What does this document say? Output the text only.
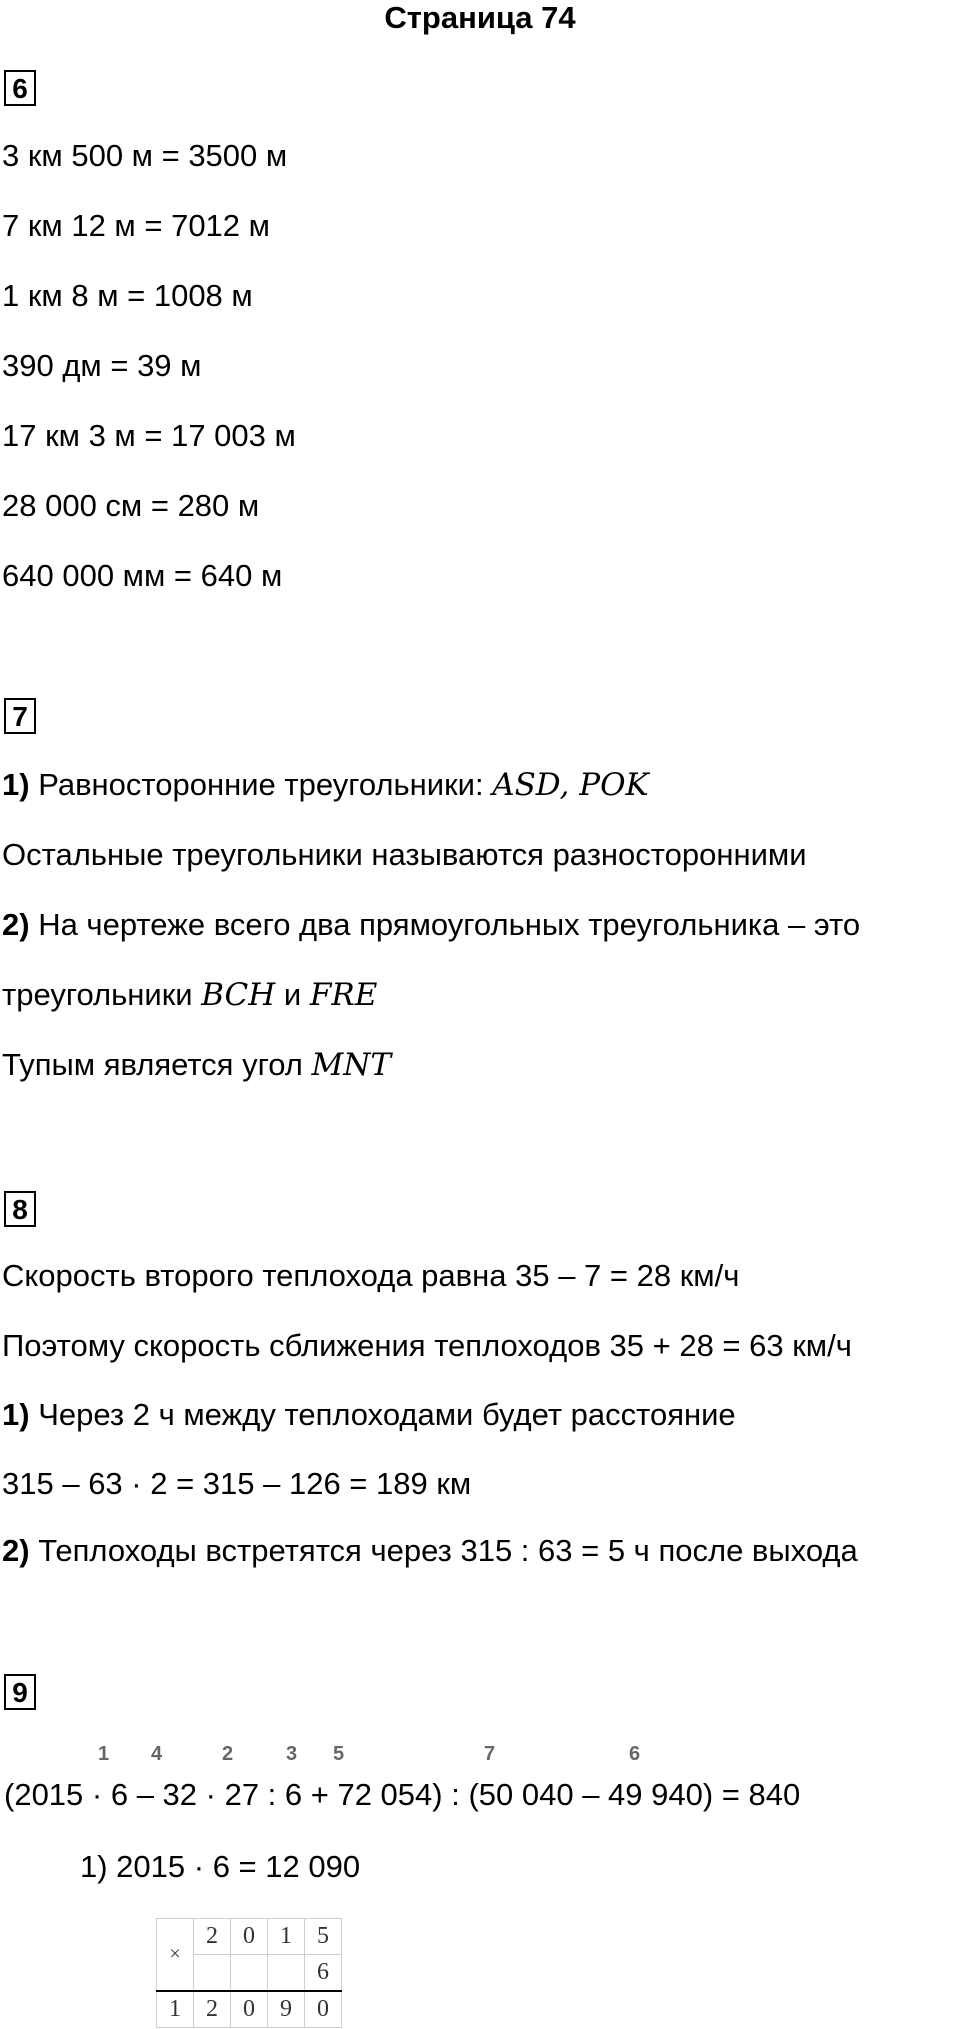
Страница 74
6
3 км 500 м = 3500 м
7 км 12 м = 7012 м
1 км 8 м = 1008 м
390 дм = 39 м
17 км 3 м = 17 003 м
28 000 см = 280 м
640 000 мм = 640 м
7
1) Равносторонние треугольники: ASD, POK
Остальные треугольники называются разносторонними
2) На чертеже всего два прямоугольных треугольника – это
треугольники BCH и FRE
Тупым является угол MNT
8
Скорость второго теплохода равна 35 – 7 = 28 км/ч
Поэтому скорость сближения теплоходов 35 + 28 = 63 км/ч
1) Через 2 ч между теплоходами будет расстояние
315 – 63 · 2 = 315 – 126 = 189 км
2) Теплоходы встретятся через 315 : 63 = 5 ч после выхода
9
1 4	2	3 5	7	6
(2015 · 6 – 32 · 27 : 6 + 72 054) : (50 040 – 49 940) = 840
1) 2015 · 6 = 12 090
×	2	0	1	5
				6
1	2	0	9	0
